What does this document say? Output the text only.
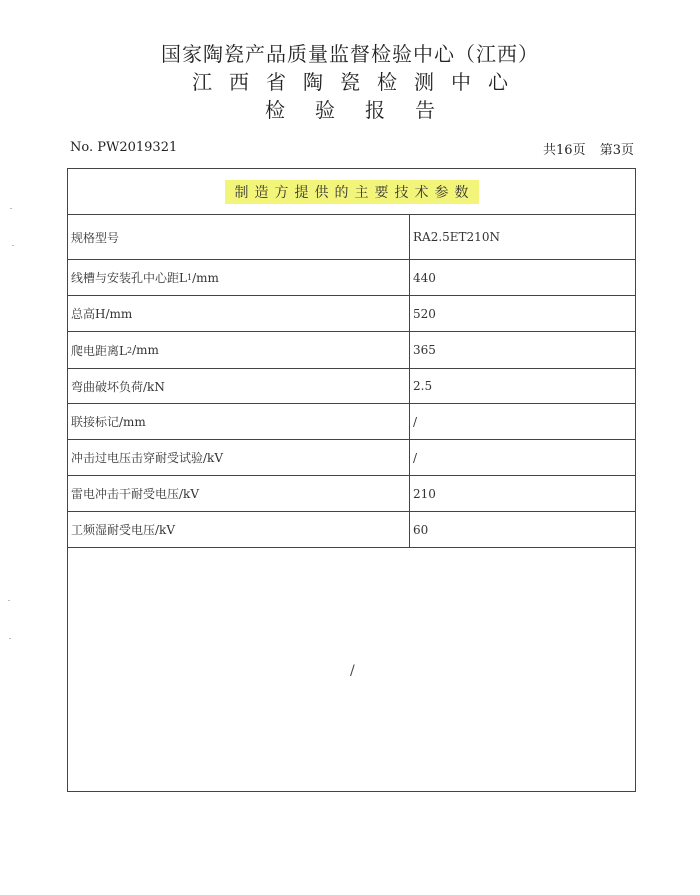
国家陶瓷产品质量监督检验中心（江西）
江西省陶瓷检测中心
检验报告
No. PW2019321	共16页 第3页
制造方提供的主要技术参数
规格型号	RA2.5ET210N
线槽与安装孔中心距L 1 /mm	440
总高H/mm	520
爬电距离L 2 /mm	365
弯曲破坏负荷/kN	2.5
联接标记/mm	/
冲击过电压击穿耐受试验/kV	/
雷电冲击干耐受电压/kV	210
工频湿耐受电压/kV	60
/
